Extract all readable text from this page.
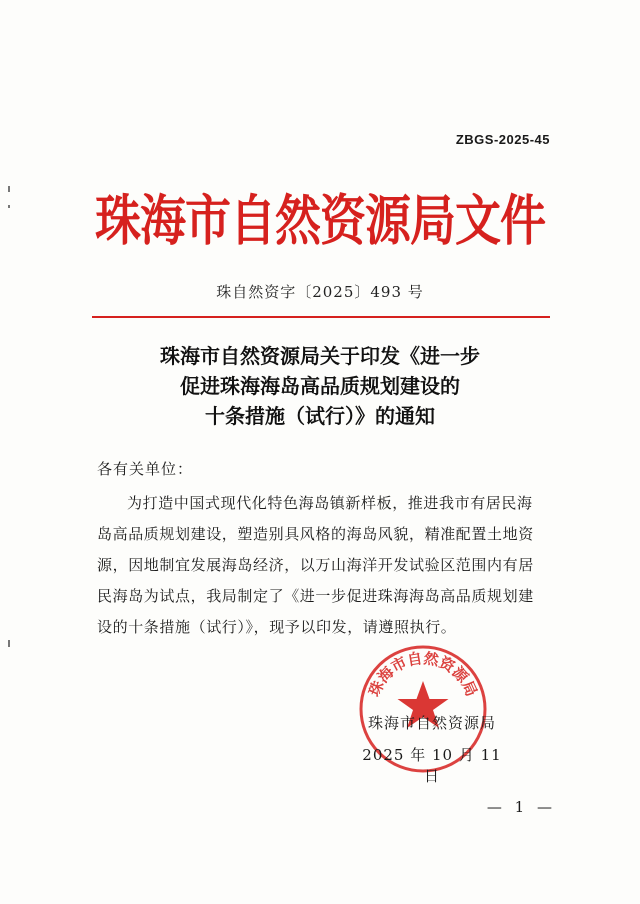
ZBGS-2025-45
珠海市自然资源局文件
珠自然资字〔2025〕493 号
珠海市自然资源局关于印发《进一步
促进珠海海岛高品质规划建设的
十条措施（试行）》的通知
各有关单位：
为打造中国式现代化特色海岛镇新样板，推进我市有居民海
岛高品质规划建设，塑造别具风格的海岛风貌，精准配置土地资
源，因地制宜发展海岛经济，以万山海洋开发试验区范围内有居
民海岛为试点，我局制定了《进一步促进珠海海岛高品质规划建
设的十条措施（试行）》，现予以印发，请遵照执行。
珠海市自然资源局
珠海市自然资源局
2025 年 10 月 11 日
— 1 —
